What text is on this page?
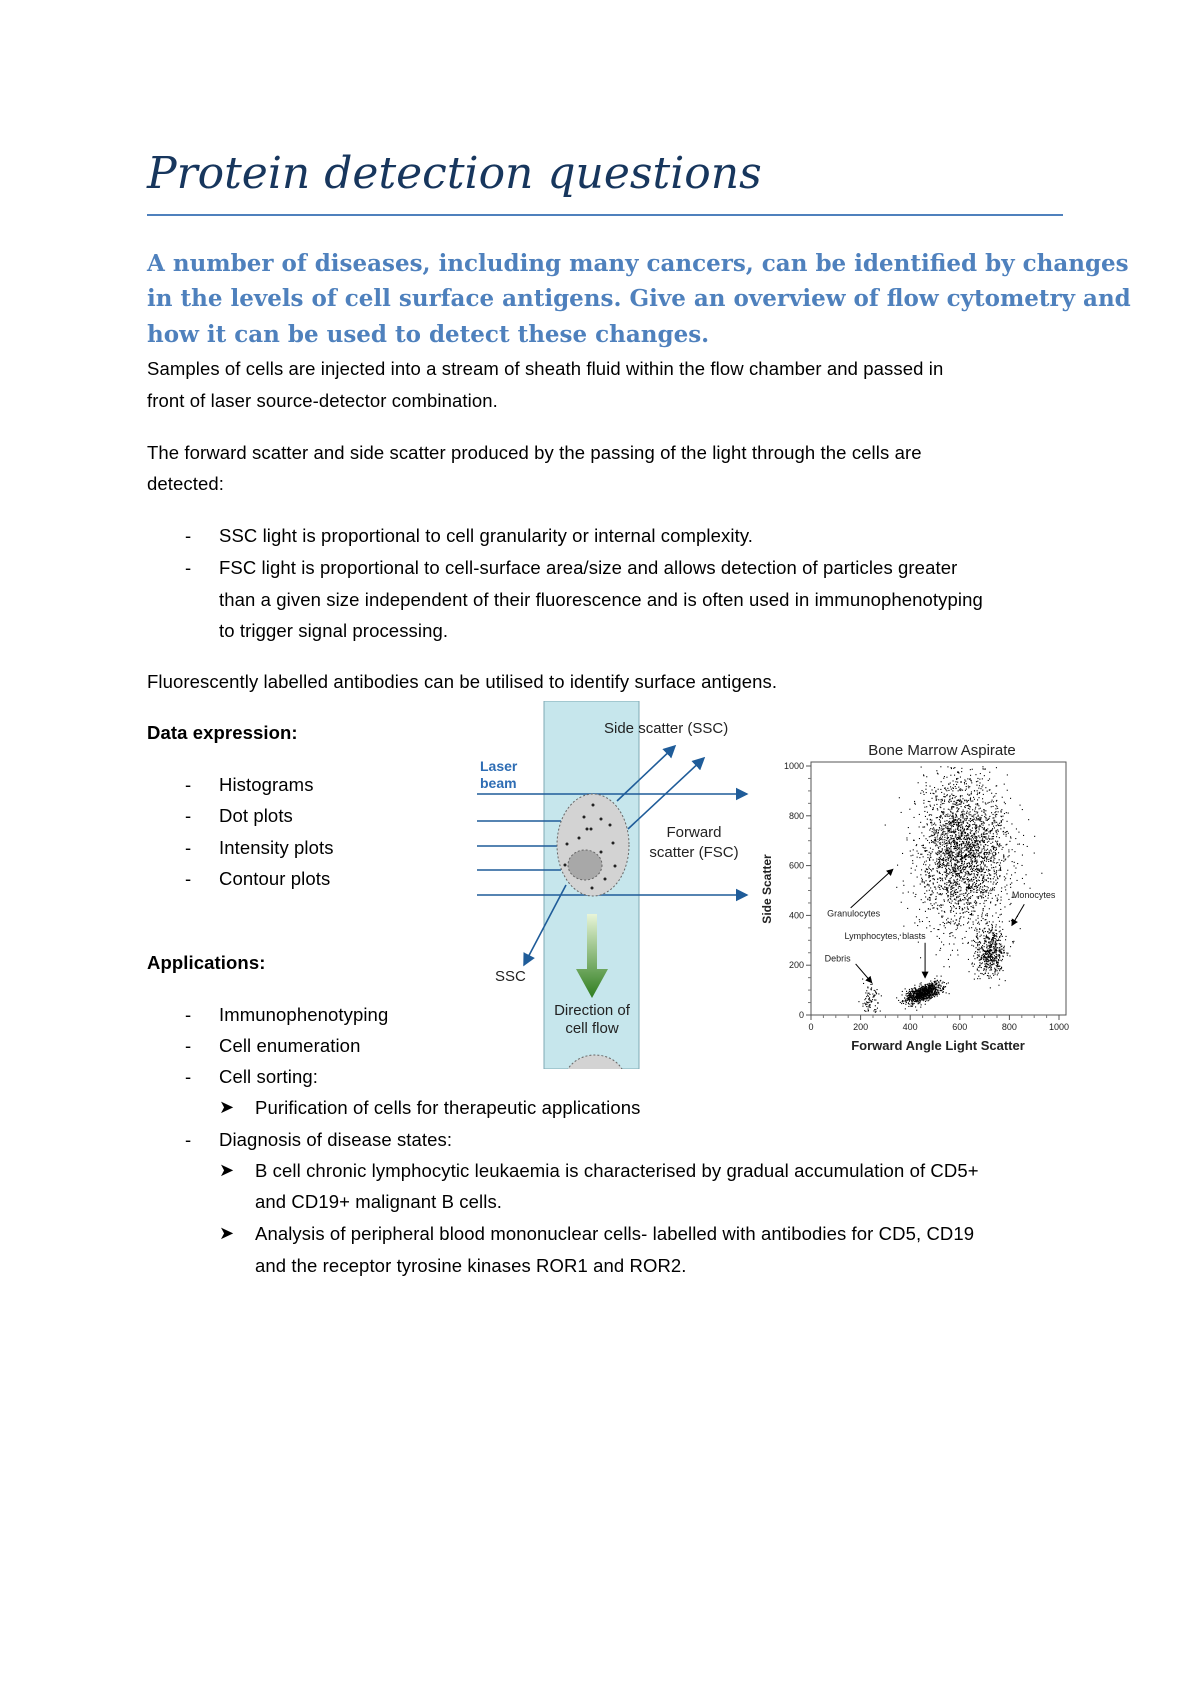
Protein detection questions
A number of diseases, including many cancers, can be identified by changes
in the levels of cell surface antigens. Give an overview of flow cytometry and
how it can be used to detect these changes.
Samples of cells are injected into a stream of sheath fluid within the flow chamber and passed in
front of laser source-detector combination.
The forward scatter and side scatter produced by the passing of the light through the cells are
detected:
- SSC light is proportional to cell granularity or internal complexity.
- FSC light is proportional to cell-surface area/size and allows detection of particles greater
than a given size independent of their fluorescence and is often used in immunophenotyping
to trigger signal processing.
Fluorescently labelled antibodies can be utilised to identify surface antigens.
Data expression:
- Histograms
- Dot plots
- Intensity plots
- Contour plots
Applications:
- Immunophenotyping
- Cell enumeration
- Cell sorting:
➤ Purification of cells for therapeutic applications
- Diagnosis of disease states:
➤ B cell chronic lymphocytic leukaemia is characterised by gradual accumulation of CD5+
and CD19+ malignant B cells.
➤ Analysis of peripheral blood mononuclear cells- labelled with antibodies for CD5, CD19
and the receptor tyrosine kinases ROR1 and ROR2.
Laser
beam
Side scatter (SSC)
Forward
scatter (FSC)
SSC
Direction of
cell flow
Bone Marrow Aspirate
0
200
400
600
800
1000
0	200	400	600	800	1000
Granulocytes
Lymphocytes, blasts
Monocytes
Debris
Side Scatter
Forward Angle Light Scatter
